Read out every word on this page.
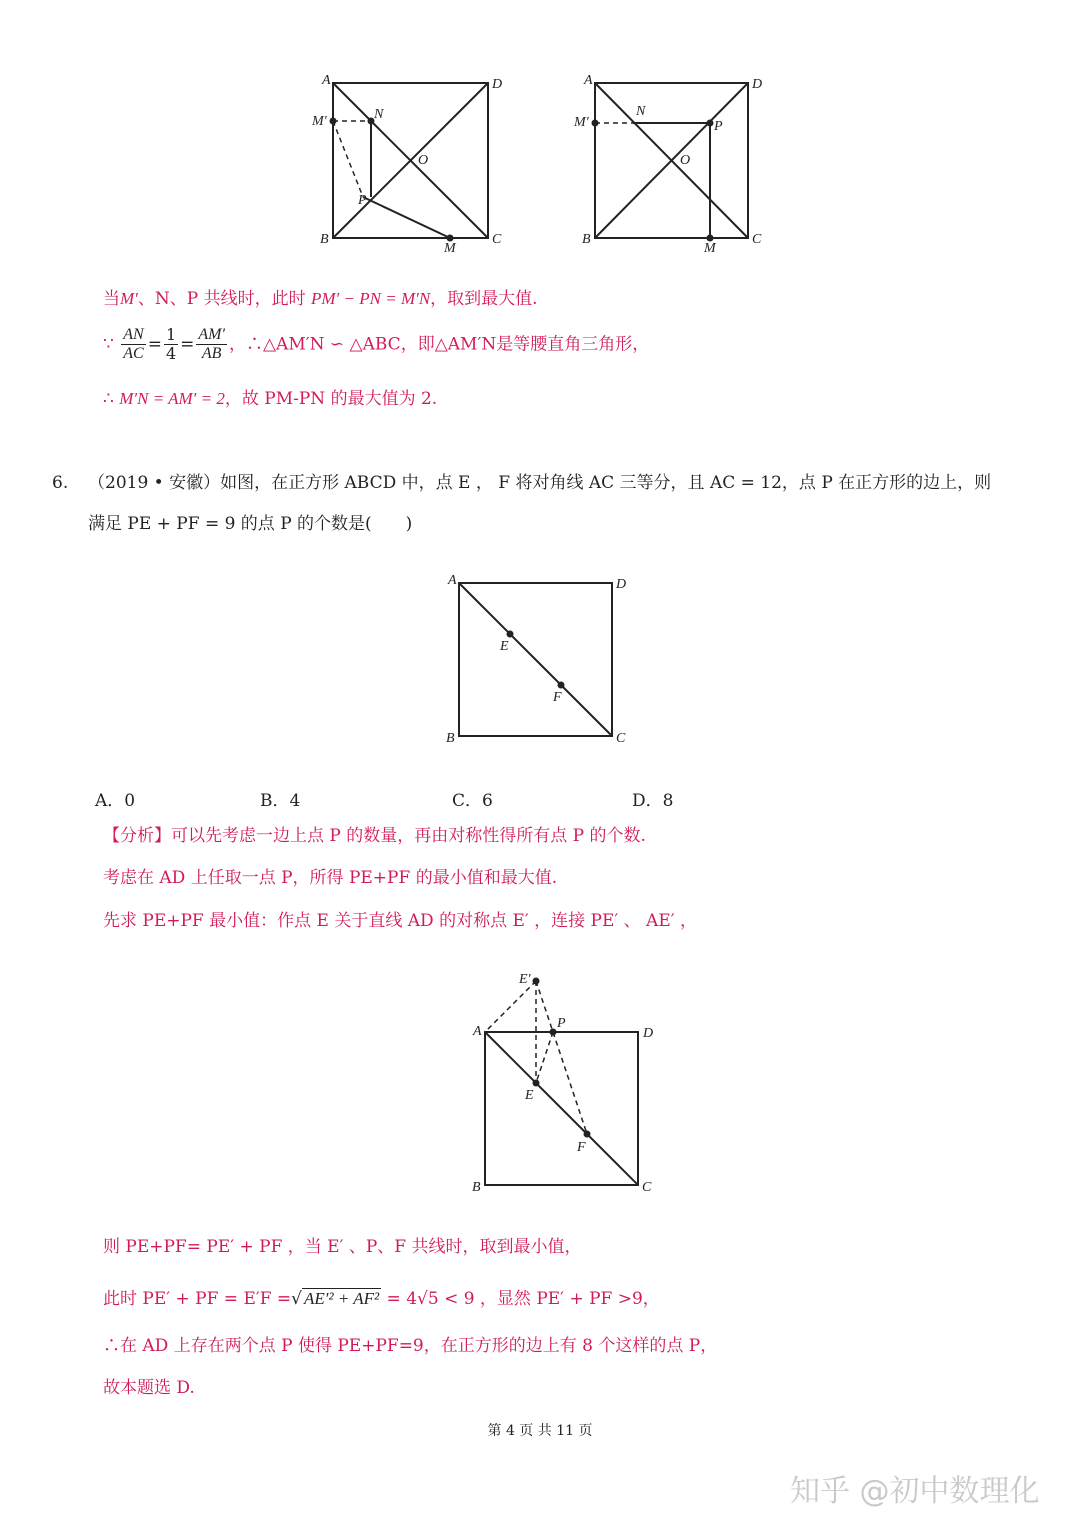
A	D
M'	N
O
P
B
M
C
A	D
M'
N
P
O
B
M
C
当M′、N、P 共线时，此时 PM′ − PN = M′N，取到最大值.
∵ $\frac{AN}{AC} = \frac{1}{4} = \frac{AM'}{AB}$ ，∴△AM′N ∽ △ABC，即△AM′N是等腰直角三角形，
∴ M′N = AM′ = 2，故 PM-PN 的最大值为 2.
6. （2019 • 安徽）如图，在正方形 ABCD 中，点 E ， F 将对角线 AC 三等分，且 AC = 12，点 P 在正方形的边上，则
满足 PE + PF = 9 的点 P 的个数是(　　)
A	D
E
F
B	C
A．0	B．4	C．6	D．8
【分析】可以先考虑一边上点 P 的数量，再由对称性得所有点 P 的个数.
考虑在 AD 上任取一点 P，所得 PE+PF 的最小值和最大值.
先求 PE+PF 最小值：作点 E 关于直线 AD 的对称点 E′ ，连接 PE′ 、 AE′ ，
E'
P
A	D
E
F
B	C
则 PE+PF= PE′ + PF ，当 E′ 、P、F 共线时，取到最小值，
此时 PE′ + PF = E′F =√ AE′² + AF² = 4√5 < 9 ，显然 PE′ + PF >9，
∴在 AD 上存在两个点 P 使得 PE+PF=9，在正方形的边上有 8 个这样的点 P，
故本题选 D.
第 4 页 共 11 页
知乎 @初中数理化
